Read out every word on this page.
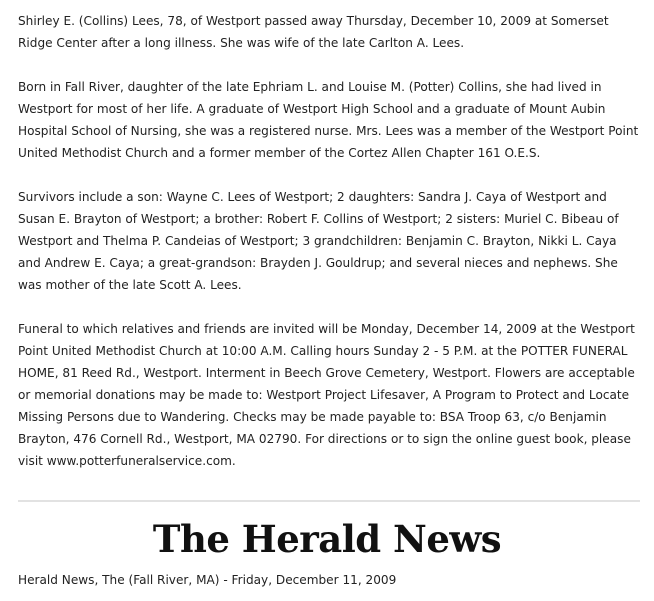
Shirley E. (Collins) Lees, 78, of Westport passed away Thursday, December 10, 2009 at Somerset Ridge Center after a long illness. She was wife of the late Carlton A. Lees.

Born in Fall River, daughter of the late Ephriam L. and Louise M. (Potter) Collins, she had lived in Westport for most of her life. A graduate of Westport High School and a graduate of Mount Aubin Hospital School of Nursing, she was a registered nurse. Mrs. Lees was a member of the Westport Point United Methodist Church and a former member of the Cortez Allen Chapter 161 O.E.S.

Survivors include a son: Wayne C. Lees of Westport; 2 daughters: Sandra J. Caya of Westport and Susan E. Brayton of Westport; a brother: Robert F. Collins of Westport; 2 sisters: Muriel C. Bibeau of Westport and Thelma P. Candeias of Westport; 3 grandchildren: Benjamin C. Brayton, Nikki L. Caya and Andrew E. Caya; a great-grandson: Brayden J. Gouldrup; and several nieces and nephews. She was mother of the late Scott A. Lees.

Funeral to which relatives and friends are invited will be Monday, December 14, 2009 at the Westport Point United Methodist Church at 10:00 A.M. Calling hours Sunday 2 - 5 P.M. at the POTTER FUNERAL HOME, 81 Reed Rd., Westport. Interment in Beech Grove Cemetery, Westport. Flowers are acceptable or memorial donations may be made to: Westport Project Lifesaver, A Program to Protect and Locate Missing Persons due to Wandering. Checks may be made payable to: BSA Troop 63, c/o Benjamin Brayton, 476 Cornell Rd., Westport, MA 02790. For directions or to sign the online guest book, please visit www.potterfuneralservice.com.

The Herald News
Herald News, The (Fall River, MA) - Friday, December 11, 2009
